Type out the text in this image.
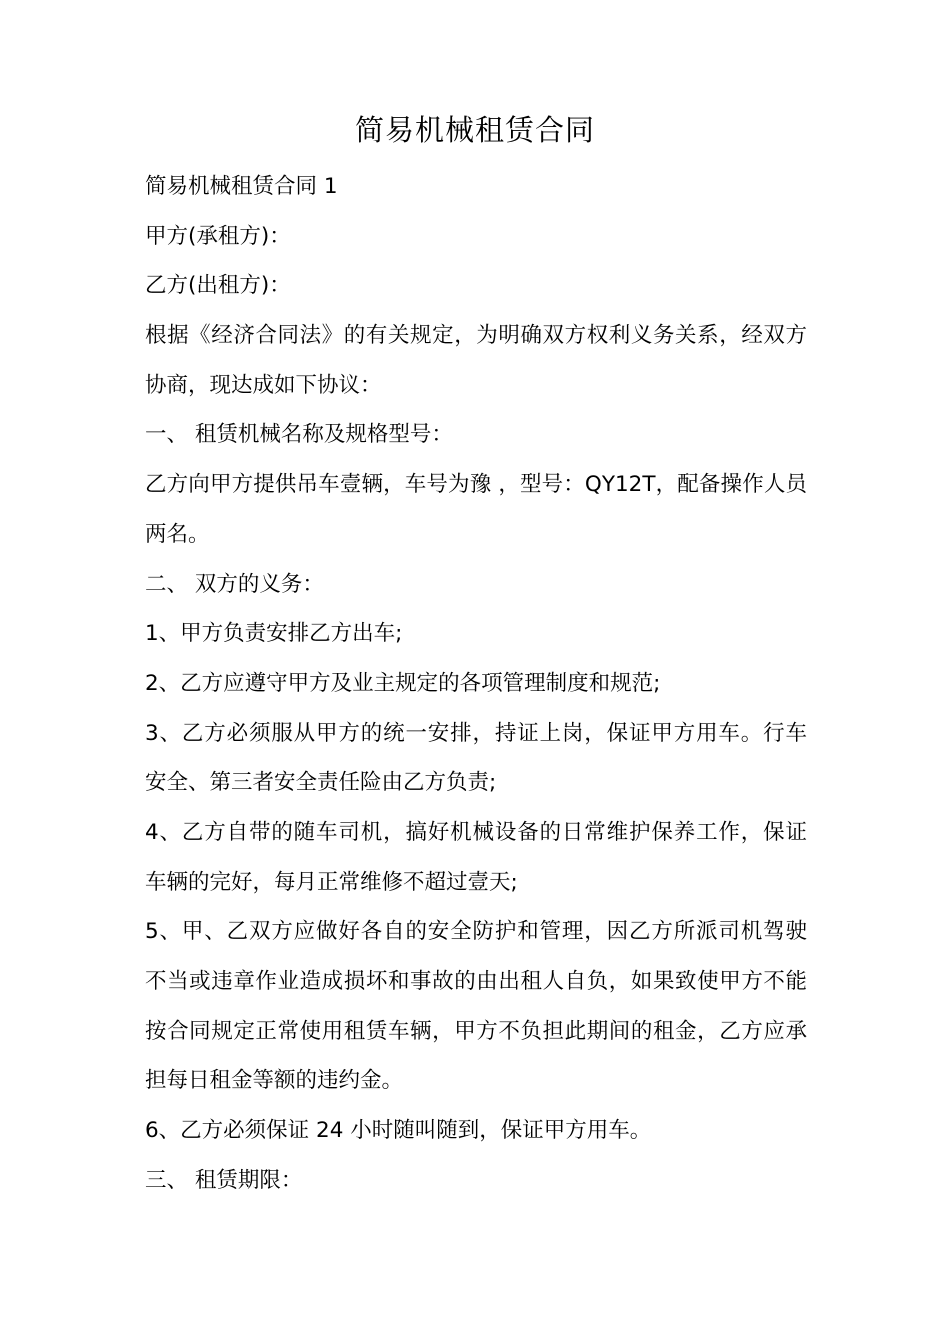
简易机械租赁合同
简易机械租赁合同 1
甲方(承租方)：
乙方(出租方)：
根据《经济合同法》的有关规定，为明确双方权利义务关系，经双方
协商，现达成如下协议：
一、 租赁机械名称及规格型号：
乙方向甲方提供吊车壹辆，车号为豫 ，型号：QY12T，配备操作人员
两名。
二、 双方的义务：
1、甲方负责安排乙方出车;
2、乙方应遵守甲方及业主规定的各项管理制度和规范;
3、乙方必须服从甲方的统一安排，持证上岗，保证甲方用车。行车
安全、第三者安全责任险由乙方负责;
4、乙方自带的随车司机，搞好机械设备的日常维护保养工作，保证
车辆的完好，每月正常维修不超过壹天;
5、甲、乙双方应做好各自的安全防护和管理，因乙方所派司机驾驶
不当或违章作业造成损坏和事故的由出租人自负，如果致使甲方不能
按合同规定正常使用租赁车辆，甲方不负担此期间的租金，乙方应承
担每日租金等额的违约金。
6、乙方必须保证 24 小时随叫随到，保证甲方用车。
三、 租赁期限：
